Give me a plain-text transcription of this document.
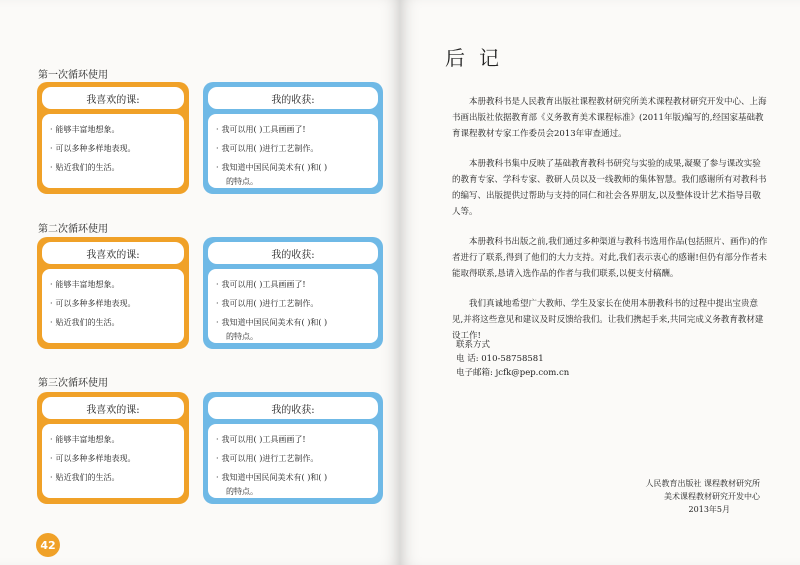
第一次循环使用
我喜欢的课:
· 能够丰富地想象。
· 可以多种多样地表现。
· 贴近我们的生活。
我的收获:
· 我可以用( )工具画画了!
· 我可以用( )进行工艺制作。
· 我知道中国民间美术有( )和( )
的特点。
第二次循环使用
我喜欢的课:
· 能够丰富地想象。
· 可以多种多样地表现。
· 贴近我们的生活。
我的收获:
· 我可以用( )工具画画了!
· 我可以用( )进行工艺制作。
· 我知道中国民间美术有( )和( )
的特点。
第三次循环使用
我喜欢的课:
· 能够丰富地想象。
· 可以多种多样地表现。
· 贴近我们的生活。
我的收获:
· 我可以用( )工具画画了!
· 我可以用( )进行工艺制作。
· 我知道中国民间美术有( )和( )
的特点。
42
后记

本册教科书是人民教育出版社课程教材研究所美术课程教材研究开发中心、上海书画出版社依据教育部《义务教育美术课程标准》(2011年版)编写的,经国家基础教育课程教材专家工作委员会2013年审查通过。

本册教科书集中反映了基础教育教科书研究与实验的成果,凝聚了参与课改实验的教育专家、学科专家、教研人员以及一线教师的集体智慧。我们感谢所有对教科书的编写、出版提供过帮助与支持的同仁和社会各界朋友,以及整体设计艺术指导吕敬人等。

本册教科书出版之前,我们通过多种渠道与教科书选用作品(包括照片、画作)的作者进行了联系,得到了他们的大力支持。对此,我们表示衷心的感谢!但仍有部分作者未能取得联系,恳请入选作品的作者与我们联系,以便支付稿酬。

我们真诚地希望广大教师、学生及家长在使用本册教科书的过程中提出宝贵意见,并将这些意见和建议及时反馈给我们。让我们携起手来,共同完成义务教育教材建设工作!

联系方式
电 话: 010-58758581
电子邮箱: jcfk@pep.com.cn
人民教育出版社 课程教材研究所
美术课程教材研究开发中心
2013年5月
